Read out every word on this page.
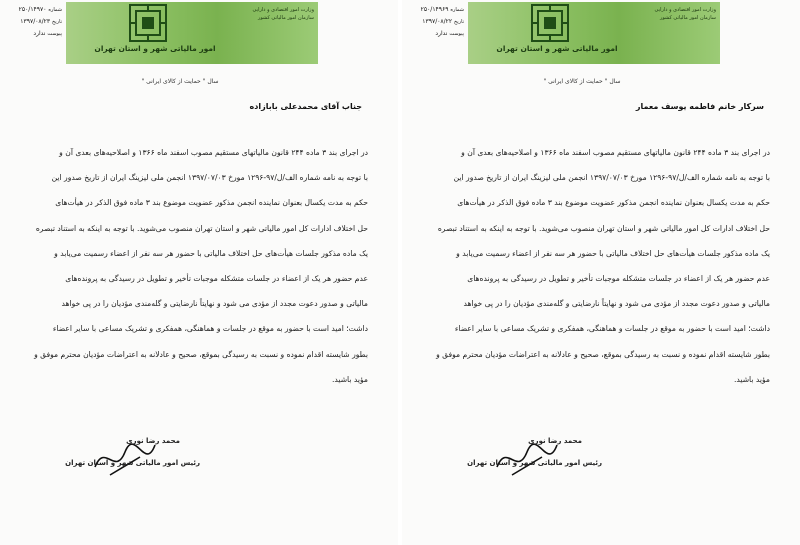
امور مالیاتی شهر و استان تهران
وزارت امور اقتصادی و دارایی
سازمان امور مالیاتی کشور
شماره ۲۵۰/۱۴۹۷۰
تاریخ ۱۳۹۷/۰۸/۲۳
پیوست ندارد
سال " حمایت از کالای ایرانی "
جناب آقای محمدعلی بابازاده

در اجرای بند ۳ ماده ۲۴۴ قانون مالیاتهای مستقیم مصوب اسفند ماه ۱۳۶۶ و اصلاحیه‌های بعدی آن و

با توجه به نامه شماره الف/ل/۹۷-۱۲۹۶ مورخ ۱۳۹۷/۰۷/۰۳ انجمن ملی لیزینگ ایران از تاریخ صدور این

حکم به مدت یکسال بعنوان نماینده انجمن مذکور عضویت موضوع بند ۳ ماده فوق الذکر در هیأت‌های

حل اختلاف ادارات کل امور مالیاتی شهر و استان تهران منصوب می‌شوید. با توجه به اینکه به استناد تبصره

یک ماده مذکور جلسات هیأت‌های حل اختلاف مالیاتی با حضور هر سه نفر از اعضاء رسمیت می‌یابد و

عدم حضور هر یک از اعضاء در جلسات متشکله موجبات تأخیر و تطویل در رسیدگی به پرونده‌های

مالیاتی و صدور دعوت مجدد از مؤدی می شود و نهایتاً نارضایتی و گله‌مندی مؤدیان را در پی خواهد

داشت؛ امید است با حضور به موقع در جلسات و هماهنگی، همفکری و تشریک مساعی با سایر اعضاء

بطور شایسته اقدام نموده و نسبت به رسیدگی بموقع، صحیح و عادلانه به اعتراضات مؤدیان محترم موفق و

مؤید باشید.

محمد رضا نوری
رئیس امور مالیاتی شهر و استان تهران
امور مالیاتی شهر و استان تهران
وزارت امور اقتصادی و دارایی
سازمان امور مالیاتی کشور
شماره ۲۵۰/۱۴۹۶۹
تاریخ ۱۳۹۷/۰۸/۲۲
پیوست ندارد
سال " حمایت از کالای ایرانی "
سرکار خانم فاطمه یوسف معمار

در اجرای بند ۳ ماده ۲۴۴ قانون مالیاتهای مستقیم مصوب اسفند ماه ۱۳۶۶ و اصلاحیه‌های بعدی آن و

با توجه به نامه شماره الف/ل/۹۷-۱۲۹۶ مورخ ۱۳۹۷/۰۷/۰۳ انجمن ملی لیزینگ ایران از تاریخ صدور این

حکم به مدت یکسال بعنوان نماینده انجمن مذکور عضویت موضوع بند ۳ ماده فوق الذکر در هیأت‌های

حل اختلاف ادارات کل امور مالیاتی شهر و استان تهران منصوب می‌شوید. با توجه به اینکه به استناد تبصره

یک ماده مذکور جلسات هیأت‌های حل اختلاف مالیاتی با حضور هر سه نفر از اعضاء رسمیت می‌یابد و

عدم حضور هر یک از اعضاء در جلسات متشکله موجبات تأخیر و تطویل در رسیدگی به پرونده‌های

مالیاتی و صدور دعوت مجدد از مؤدی می شود و نهایتاً نارضایتی و گله‌مندی مؤدیان را در پی خواهد

داشت؛ امید است با حضور به موقع در جلسات و هماهنگی، همفکری و تشریک مساعی با سایر اعضاء

بطور شایسته اقدام نموده و نسبت به رسیدگی بموقع، صحیح و عادلانه به اعتراضات مؤدیان محترم موفق و

مؤید باشید.

محمد رضا نوری
رئیس امور مالیاتی شهر و استان تهران
